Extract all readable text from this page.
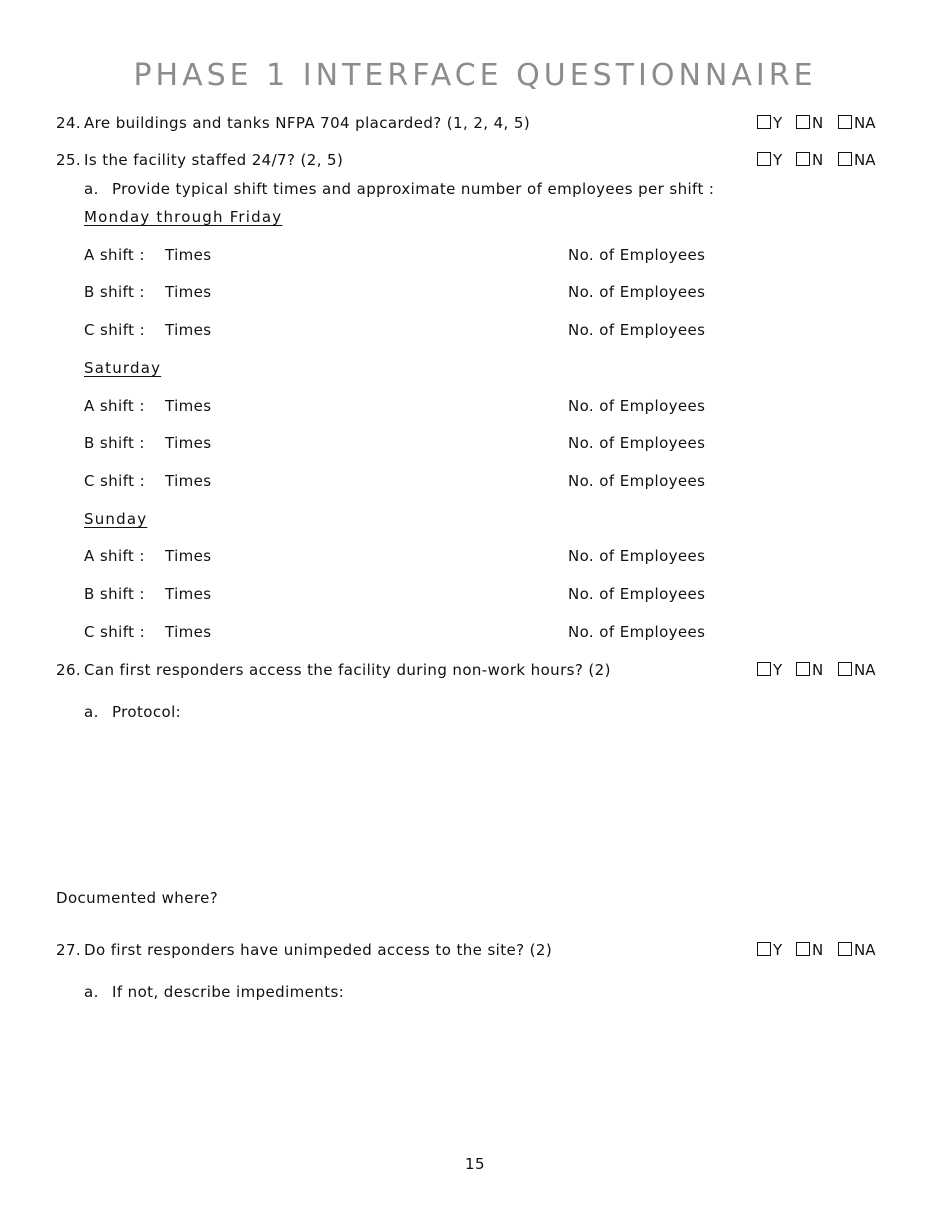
PHASE 1 INTERFACE QUESTIONNAIRE
24. Are buildings and tanks NFPA 704 placarded? (1, 2, 4, 5)	Y N NA
25. Is the facility staffed 24/7? (2, 5)	Y N NA
a. Provide typical shift times and approximate number of employees per shift :
Monday through Friday
A shift : Times	No. of Employees
B shift : Times	No. of Employees
C shift : Times	No. of Employees
Saturday
A shift : Times	No. of Employees
B shift : Times	No. of Employees
C shift : Times	No. of Employees
Sunday
A shift : Times	No. of Employees
B shift : Times	No. of Employees
C shift : Times	No. of Employees
26. Can first responders access the facility during non-work hours? (2)	Y N NA
a. Protocol:
Documented where?
27. Do first responders have unimpeded access to the site? (2)	Y N NA
a. If not, describe impediments:
15
